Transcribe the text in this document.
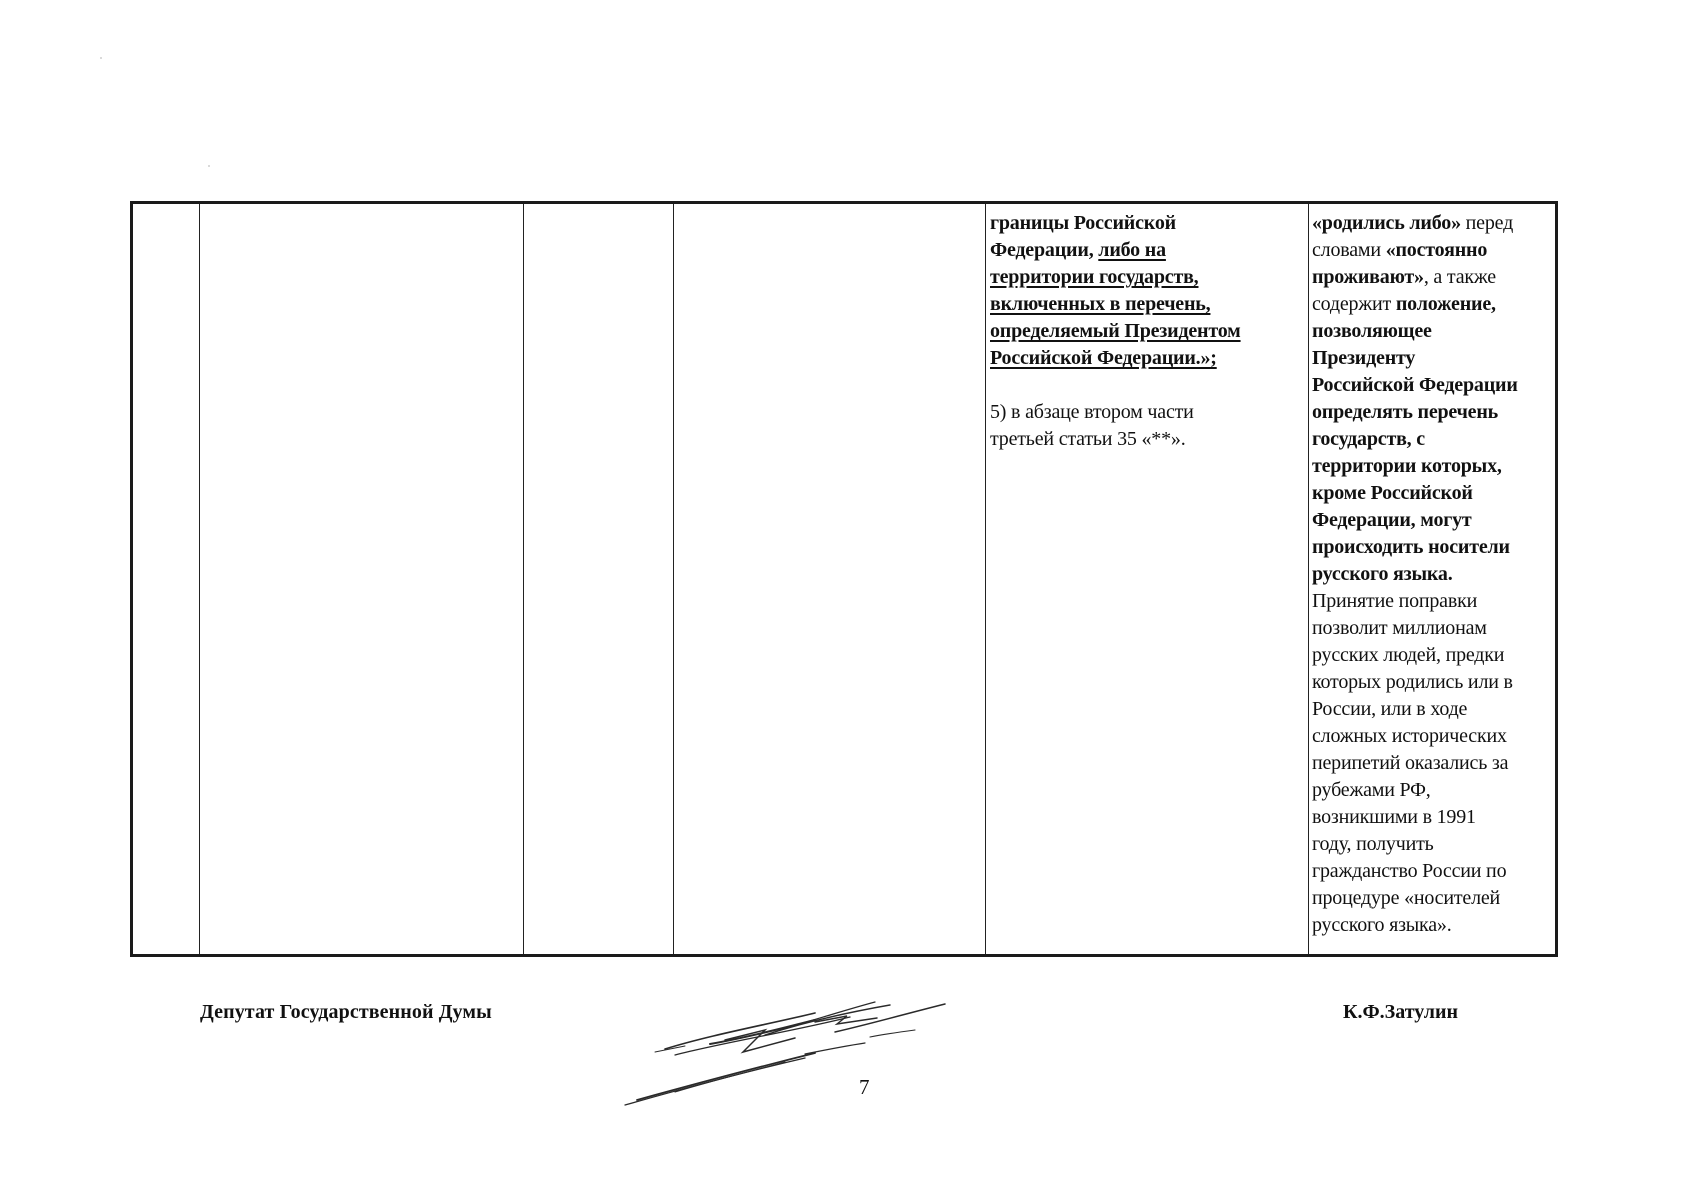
границы Российской
Федерации, либо на
территории государств,
включенных в перечень,
определяемый Президентом
Российской Федерации.»;
5) в абзаце втором части
третьей статьи 35 «**».
«родились либо» перед
словами «постоянно
проживают», а также
содержит положение,
позволяющее
Президенту
Российской Федерации
определять перечень
государств, с
территории которых,
кроме Российской
Федерации, могут
происходить носители
русского языка.
Принятие поправки
позволит миллионам
русских людей, предки
которых родились или в
России, или в ходе
сложных исторических
перипетий оказались за
рубежами РФ,
возникшими в 1991
году, получить
гражданство России по
процедуре «носителей
русского языка».
Депутат Государственной Думы	К.Ф.Затулин
7
